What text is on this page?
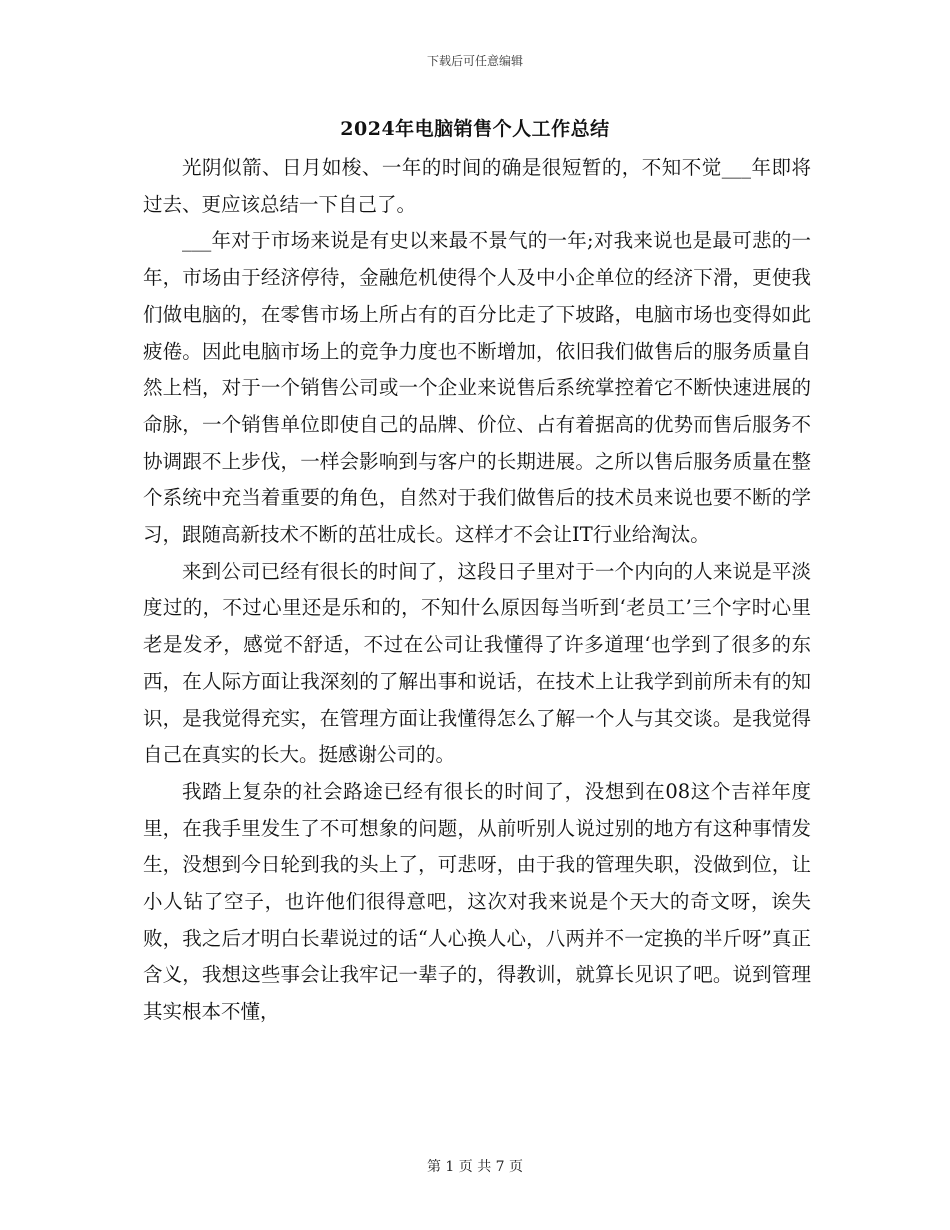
下载后可任意编辑
2024年电脑销售个人工作总结

光阴似箭、日月如梭、一年的时间的确是很短暂的，不知不觉___年即将过去、更应该总结一下自己了。

___年对于市场来说是有史以来最不景气的一年;对我来说也是最可悲的一年，市场由于经济停待，金融危机使得个人及中小企单位的经济下滑，更使我们做电脑的，在零售市场上所占有的百分比走了下坡路，电脑市场也变得如此疲倦。因此电脑市场上的竞争力度也不断增加，依旧我们做售后的服务质量自然上档，对于一个销售公司或一个企业来说售后系统掌控着它不断快速进展的命脉，一个销售单位即使自己的品牌、价位、占有着据高的优势而售后服务不协调跟不上步伐，一样会影响到与客户的长期进展。之所以售后服务质量在整个系统中充当着重要的角色，自然对于我们做售后的技术员来说也要不断的学习，跟随高新技术不断的茁壮成长。这样才不会让IT行业给淘汰。

来到公司已经有很长的时间了，这段日子里对于一个内向的人来说是平淡度过的，不过心里还是乐和的，不知什么原因每当听到‘老员工’三个字时心里老是发矛，感觉不舒适，不过在公司让我懂得了许多道理‘也学到了很多的东西，在人际方面让我深刻的了解出事和说话，在技术上让我学到前所未有的知识，是我觉得充实，在管理方面让我懂得怎么了解一个人与其交谈。是我觉得自己在真实的长大。挺感谢公司的。

我踏上复杂的社会路途已经有很长的时间了，没想到在08这个吉祥年度里，在我手里发生了不可想象的问题，从前听别人说过别的地方有这种事情发生，没想到今日轮到我的头上了，可悲呀，由于我的管理失职，没做到位，让小人钻了空子，也许他们很得意吧，这次对我来说是个天大的奇文呀，诶失败，我之后才明白长辈说过的话“人心换人心，八两并不一定换的半斤呀”真正含义，我想这些事会让我牢记一辈子的，得教训，就算长见识了吧。说到管理其实根本不懂，

第 1 页 共 7 页
